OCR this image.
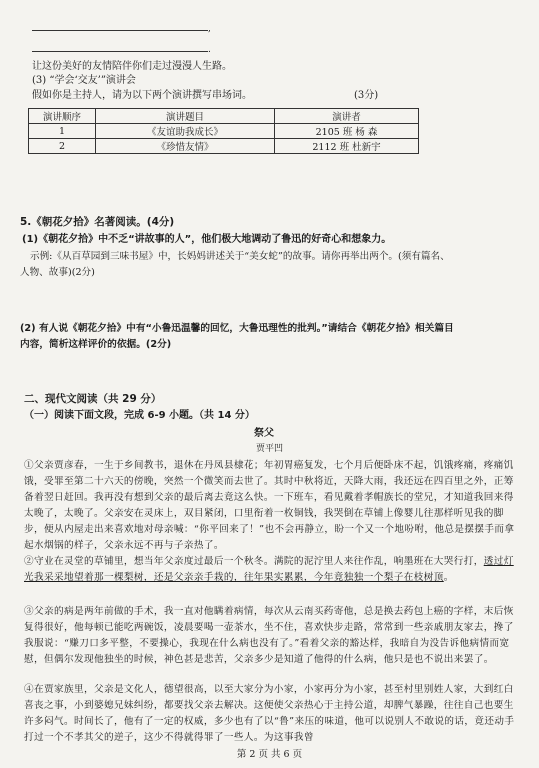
,
.
让这份美好的友情陪伴你们走过漫漫人生路。
(3) “学会‘交友’”演讲会
假如你是主持人，请为以下两个演讲撰写串场词。	(3分)
演讲顺序	演讲题目	演讲者
1	《友谊助我成长》	2105 班 杨 森
2	《珍惜友情》	2112 班 杜新宇
5.《朝花夕拾》名著阅读。(4分)
(1)《朝花夕拾》中不乏“讲故事的人”，他们极大地调动了鲁迅的好奇心和想象力。
示例:《从百草园到三味书屋》中，长妈妈讲述关于“美女蛇”的故事。请你再举出两个。(须有篇名、
人物、故事)(2分)
(2) 有人说《朝花夕拾》中有“小鲁迅温馨的回忆，大鲁迅理性的批判。”请结合《朝花夕拾》相关篇目
内容，简析这样评价的依据。(2分)
二、现代文阅读（共 29 分）
（一）阅读下面文段，完成 6-9 小题。（共 14 分）
祭父
贾平凹
①父亲贾彦春，一生于乡间教书，退休在丹凤县棣花；年初胃癌复发，七个月后便卧床不起，饥饿疼痛，疼痛饥饿，受罪至第二十六天的傍晚，突然一个微笑而去世了。其时中秋将近，天降大雨，我还远在四百里之外，正筹备着翌日赶回。我再没有想到父亲的最后离去竟这么快。一下班车，看见戴着孝帽族长的堂兄，才知道我回来得太晚了，太晚了。父亲安在灵床上，双目紧闭，口里衔着一枚铜钱，我哭倒在草铺上像婴儿往那样听见我的脚步，便从内屋走出来喜欢地对母亲喊：“你平回来了！”也不会再静立，盼一个又一个地吩咐，他总是摆摆手而拿起水烟锅的样子，父亲永远不再与子亲热了。
②守业在灵堂的草铺里，想当年父亲度过最后一个秋冬。满院的泥泞里人来往作乱，响墨班在大哭行打，透过灯光我采采地望着那一棵梨树，还是父亲亲手栽的，往年果实累累，今年竟独独一个梨子在枝树顶。
③父亲的病是两年前做的手术，我一直对他瞒着病情，每次从云南买药寄他，总是换去药包上癌的字样，末后恢复得很好，他每顿已能吃两碗饭，凌晨要喝一壶茶水，坐不住，喜欢快步走路，常常到一些亲戚朋友家去，搀了我服说：“赚刀口多平整，不要操心，我现在什么病也没有了。”看着父亲的豁达样，我暗自为没告诉他病情而宽慰，但偶尔发现他独坐的时候，神色甚是悲苦，父亲多少是知道了他得的什么病，他只是也不说出来罢了。
④在贾家族里，父亲是文化人，德望很高，以至大家分为小家，小家再分为小家，甚至村里别姓人家，大到红白喜丧之事，小到婆媳兄妹纠纷，都要找父亲去解决。这便使父亲热心于主持公道，却脾气暴躁，往往自己也要生许多闷气。时间长了，他有了一定的权威，多少也有了以“鲁”来压的味道，他可以说别人不敢说的话，竟还动手打过一个不孝其父的逆子，这少不得就得罪了一些人。为这事我曾
第 2 页 共 6 页
